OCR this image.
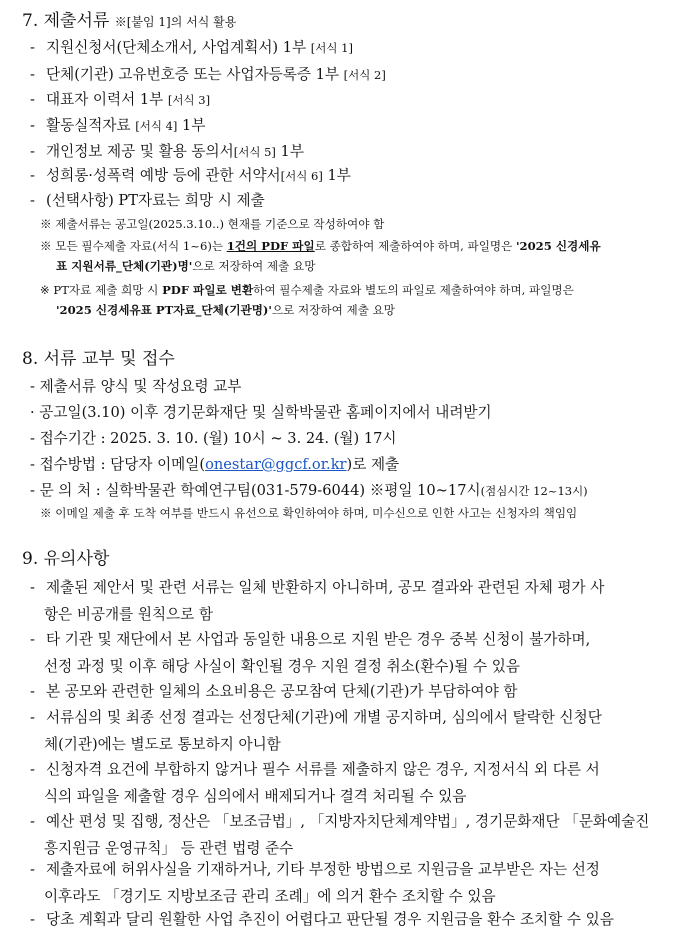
7. 제출서류 ※[붙임 1]의 서식 활용
- 지원신청서(단체소개서, 사업계획서) 1부 [서식 1]
- 단체(기관) 고유번호증 또는 사업자등록증 1부 [서식 2]
- 대표자 이력서 1부 [서식 3]
- 활동실적자료 [서식 4] 1부
- 개인정보 제공 및 활용 동의서[서식 5] 1부
- 성희롱·성폭력 예방 등에 관한 서약서[서식 6] 1부
- (선택사항) PT자료는 희망 시 제출
※ 제출서류는 공고일(2025.3.10..) 현재를 기준으로 작성하여야 함
※ 모든 필수제출 자료(서식 1~6)는 1건의 PDF 파일로 종합하여 제출하여야 하며, 파일명은 '2025 신경세유
표 지원서류_단체(기관)명'으로 저장하여 제출 요망
※ PT자료 제출 희망 시 PDF 파일로 변환하여 필수제출 자료와 별도의 파일로 제출하여야 하며, 파일명은
'2025 신경세유표 PT자료_단체(기관명)'으로 저장하여 제출 요망
8. 서류 교부 및 접수
- 제출서류 양식 및 작성요령 교부
· 공고일(3.10) 이후 경기문화재단 및 실학박물관 홈페이지에서 내려받기
- 접수기간 : 2025. 3. 10. (월) 10시 ~ 3. 24. (월) 17시
- 접수방법 : 담당자 이메일(onestar@ggcf.or.kr)로 제출
- 문 의 처 : 실학박물관 학예연구팀(031-579-6044) ※평일 10~17시(점심시간 12~13시)
※ 이메일 제출 후 도착 여부를 반드시 유선으로 확인하여야 하며, 미수신으로 인한 사고는 신청자의 책임임
9. 유의사항
- 제출된 제안서 및 관련 서류는 일체 반환하지 아니하며, 공모 결과와 관련된 자체 평가 사
항은 비공개를 원칙으로 함
- 타 기관 및 재단에서 본 사업과 동일한 내용으로 지원 받은 경우 중복 신청이 불가하며,
선정 과정 및 이후 해당 사실이 확인될 경우 지원 결정 취소(환수)될 수 있음
- 본 공모와 관련한 일체의 소요비용은 공모참여 단체(기관)가 부담하여야 함
- 서류심의 및 최종 선정 결과는 선정단체(기관)에 개별 공지하며, 심의에서 탈락한 신청단
체(기관)에는 별도로 통보하지 아니함
- 신청자격 요건에 부합하지 않거나 필수 서류를 제출하지 않은 경우, 지정서식 외 다른 서
식의 파일을 제출할 경우 심의에서 배제되거나 결격 처리될 수 있음
- 예산 편성 및 집행, 정산은 「보조금법」, 「지방자치단체계약법」, 경기문화재단 「문화예술진
흥지원금 운영규칙」 등 관련 법령 준수
- 제출자료에 허위사실을 기재하거나, 기타 부정한 방법으로 지원금을 교부받은 자는 선정
이후라도 「경기도 지방보조금 관리 조례」에 의거 환수 조치할 수 있음
- 당초 계획과 달리 원활한 사업 추진이 어렵다고 판단될 경우 지원금을 환수 조치할 수 있음
